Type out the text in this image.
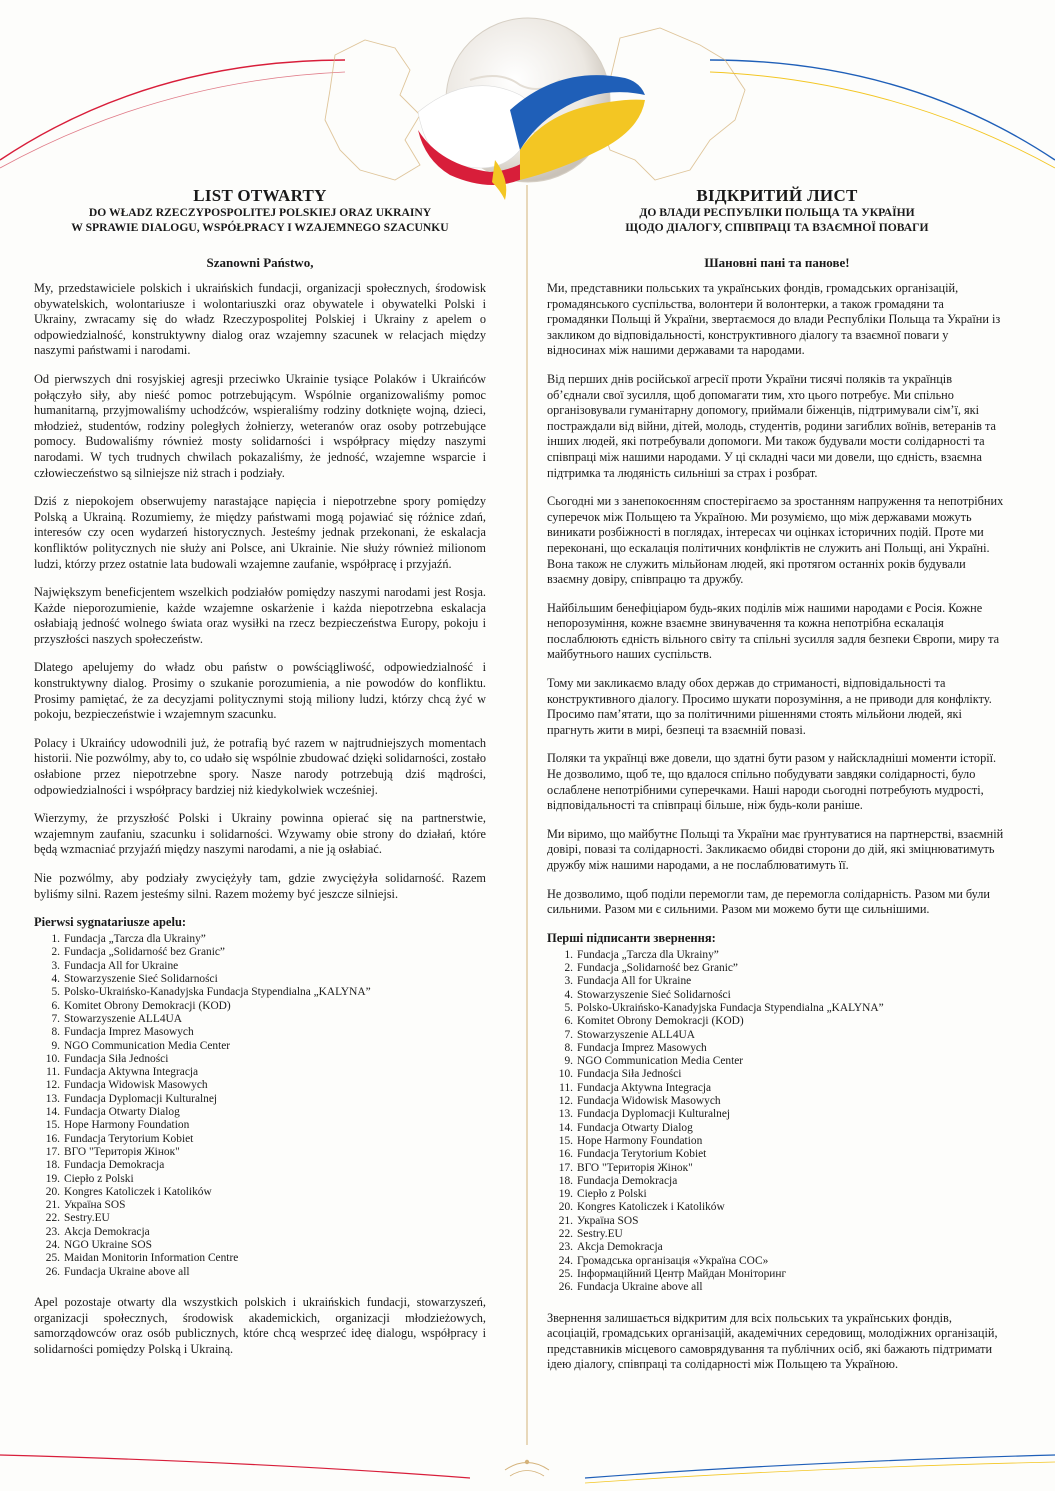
LIST OTWARTY

DO WŁADZ RZECZYPOSPOLITEJ POLSKIEJ ORAZ UKRAINY

W SPRAWIE DIALOGU, WSPÓŁPRACY I WZAJEMNEGO SZACUNKU

Szanowni Państwo,

My, przedstawiciele polskich i ukraińskich fundacji, organizacji społecznych, środowisk obywatelskich, wolontariusze i wolontariuszki oraz obywatele i obywatelki Polski i Ukrainy, zwracamy się do władz Rzeczypospolitej Polskiej i Ukrainy z apelem o odpowiedzialność, konstruktywny dialog oraz wzajemny szacunek w relacjach między naszymi państwami i narodami.

Od pierwszych dni rosyjskiej agresji przeciwko Ukrainie tysiące Polaków i Ukraińców połączyło siły, aby nieść pomoc potrzebującym. Wspólnie organizowaliśmy pomoc humanitarną, przyjmowaliśmy uchodźców, wspieraliśmy rodziny dotknięte wojną, dzieci, młodzież, studentów, rodziny poległych żołnierzy, weteranów oraz osoby potrzebujące pomocy. Budowaliśmy również mosty solidarności i współpracy między naszymi narodami. W tych trudnych chwilach pokazaliśmy, że jedność, wzajemne wsparcie i człowieczeństwo są silniejsze niż strach i podziały.

Dziś z niepokojem obserwujemy narastające napięcia i niepotrzebne spory pomiędzy Polską a Ukrainą. Rozumiemy, że między państwami mogą pojawiać się różnice zdań, interesów czy ocen wydarzeń historycznych. Jesteśmy jednak przekonani, że eskalacja konfliktów politycznych nie służy ani Polsce, ani Ukrainie. Nie służy również milionom ludzi, którzy przez ostatnie lata budowali wzajemne zaufanie, współpracę i przyjaźń.

Największym beneficjentem wszelkich podziałów pomiędzy naszymi narodami jest Rosja. Każde nieporozumienie, każde wzajemne oskarżenie i każda niepotrzebna eskalacja osłabiają jedność wolnego świata oraz wysiłki na rzecz bezpieczeństwa Europy, pokoju i przyszłości naszych społeczeństw.

Dlatego apelujemy do władz obu państw o powściągliwość, odpowiedzialność i konstruktywny dialog. Prosimy o szukanie porozumienia, a nie powodów do konfliktu. Prosimy pamiętać, że za decyzjami politycznymi stoją miliony ludzi, którzy chcą żyć w pokoju, bezpieczeństwie i wzajemnym szacunku.

Polacy i Ukraińcy udowodnili już, że potrafią być razem w najtrudniejszych momentach historii. Nie pozwólmy, aby to, co udało się wspólnie zbudować dzięki solidarności, zostało osłabione przez niepotrzebne spory. Nasze narody potrzebują dziś mądrości, odpowiedzialności i współpracy bardziej niż kiedykolwiek wcześniej.

Wierzymy, że przyszłość Polski i Ukrainy powinna opierać się na partnerstwie, wzajemnym zaufaniu, szacunku i solidarności. Wzywamy obie strony do działań, które będą wzmacniać przyjaźń między naszymi narodami, a nie ją osłabiać.

Nie pozwólmy, aby podziały zwyciężyły tam, gdzie zwyciężyła solidarność. Razem byliśmy silni. Razem jesteśmy silni. Razem możemy być jeszcze silniejsi.

Pierwsi sygnatariusze apelu:

1. Fundacja „Tarcza dla Ukrainy”
2. Fundacja „Solidarność bez Granic”
3. Fundacja All for Ukraine
4. Stowarzyszenie Sieć Solidarności
5. Polsko-Ukraińsko-Kanadyjska Fundacja Stypendialna „KALYNA”
6. Komitet Obrony Demokracji (KOD)
7. Stowarzyszenie ALL4UA
8. Fundacja Imprez Masowych
9. NGO Communication Media Center
10. Fundacja Siła Jedności
11. Fundacja Aktywna Integracja
12. Fundacja Widowisk Masowych
13. Fundacja Dyplomacji Kulturalnej
14. Fundacja Otwarty Dialog
15. Hope Harmony Foundation
16. Fundacja Terytorium Kobiet
17. ВГО "Територія Жінок"
18. Fundacja Demokracja
19. Ciepło z Polski
20. Kongres Katoliczek i Katolików
21. Україна SOS
22. Sestry.EU
23. Akcja Demokracja
24. NGO Ukraine SOS
25. Maidan Monitorin Information Centre
26. Fundacja Ukraine above all

Apel pozostaje otwarty dla wszystkich polskich i ukraińskich fundacji, stowarzyszeń, organizacji społecznych, środowisk akademickich, organizacji młodzieżowych, samorządowców oraz osób publicznych, które chcą wesprzeć ideę dialogu, współpracy i solidarności pomiędzy Polską i Ukrainą.

ВІДКРИТИЙ ЛИСТ

ДО ВЛАДИ РЕСПУБЛІКИ ПОЛЬЩА ТА УКРАЇНИ

ЩОДО ДІАЛОГУ, СПІВПРАЦІ ТА ВЗАЄМНОЇ ПОВАГИ

Шановні пані та панове!

Ми, представники польських та українських фондів, громадських організацій, громадянського суспільства, волонтери й волонтерки, а також громадяни та громадянки Польщі й України, звертаємося до влади Республіки Польща та України із закликом до відповідальності, конструктивного діалогу та взаємної поваги у відносинах між нашими державами та народами.

Від перших днів російської агресії проти України тисячі поляків та українців об’єднали свої зусилля, щоб допомагати тим, хто цього потребує. Ми спільно організовували гуманітарну допомогу, приймали біженців, підтримували сім’ї, які постраждали від війни, дітей, молодь, студентів, родини загиблих воїнів, ветеранів та інших людей, які потребували допомоги. Ми також будували мости солідарності та співпраці між нашими народами. У ці складні часи ми довели, що єдність, взаємна підтримка та людяність сильніші за страх і розбрат.

Сьогодні ми з занепокоєнням спостерігаємо за зростанням напруження та непотрібних суперечок між Польщею та Україною. Ми розуміємо, що між державами можуть виникати розбіжності в поглядах, інтересах чи оцінках історичних подій. Проте ми переконані, що ескалація політичних конфліктів не служить ані Польщі, ані Україні. Вона також не служить мільйонам людей, які протягом останніх років будували взаємну довіру, співпрацю та дружбу.

Найбільшим бенефіціаром будь-яких поділів між нашими народами є Росія. Кожне непорозуміння, кожне взаємне звинувачення та кожна непотрібна ескалація послаблюють єдність вільного світу та спільні зусилля задля безпеки Європи, миру та майбутнього наших суспільств.

Тому ми закликаємо владу обох держав до стриманості, відповідальності та конструктивного діалогу. Просимо шукати порозуміння, а не приводи для конфлікту. Просимо пам’ятати, що за політичними рішеннями стоять мільйони людей, які прагнуть жити в мирі, безпеці та взаємній повазі.

Поляки та українці вже довели, що здатні бути разом у найскладніші моменти історії. Не дозволимо, щоб те, що вдалося спільно побудувати завдяки солідарності, було ослаблене непотрібними суперечками. Наші народи сьогодні потребують мудрості, відповідальності та співпраці більше, ніж будь-коли раніше.

Ми віримо, що майбутнє Польщі та України має ґрунтуватися на партнерстві, взаємній довірі, повазі та солідарності. Закликаємо обидві сторони до дій, які зміцнюватимуть дружбу між нашими народами, а не послаблюватимуть її.

Не дозволимо, щоб поділи перемогли там, де перемогла солідарність. Разом ми були сильними. Разом ми є сильними. Разом ми можемо бути ще сильнішими.

Перші підписанти звернення:

1. Fundacja „Tarcza dla Ukrainy”
2. Fundacja „Solidarność bez Granic”
3. Fundacja All for Ukraine
4. Stowarzyszenie Sieć Solidarności
5. Polsko-Ukraińsko-Kanadyjska Fundacja Stypendialna „KALYNA”
6. Komitet Obrony Demokracji (KOD)
7. Stowarzyszenie ALL4UA
8. Fundacja Imprez Masowych
9. NGO Communication Media Center
10. Fundacja Siła Jedności
11. Fundacja Aktywna Integracja
12. Fundacja Widowisk Masowych
13. Fundacja Dyplomacji Kulturalnej
14. Fundacja Otwarty Dialog
15. Hope Harmony Foundation
16. Fundacja Terytorium Kobiet
17. ВГО "Територія Жінок"
18. Fundacja Demokracja
19. Ciepło z Polski
20. Kongres Katoliczek i Katolików
21. Україна SOS
22. Sestry.EU
23. Akcja Demokracja
24. Громадська організація «Україна СОС»
25. Інформаційний Центр Майдан Моніторинг
26. Fundacja Ukraine above all

Звернення залишається відкритим для всіх польських та українських фондів, асоціацій, громадських організацій, академічних середовищ, молодіжних організацій, представників місцевого самоврядування та публічних осіб, які бажають підтримати ідею діалогу, співпраці та солідарності між Польщею та Україною.
